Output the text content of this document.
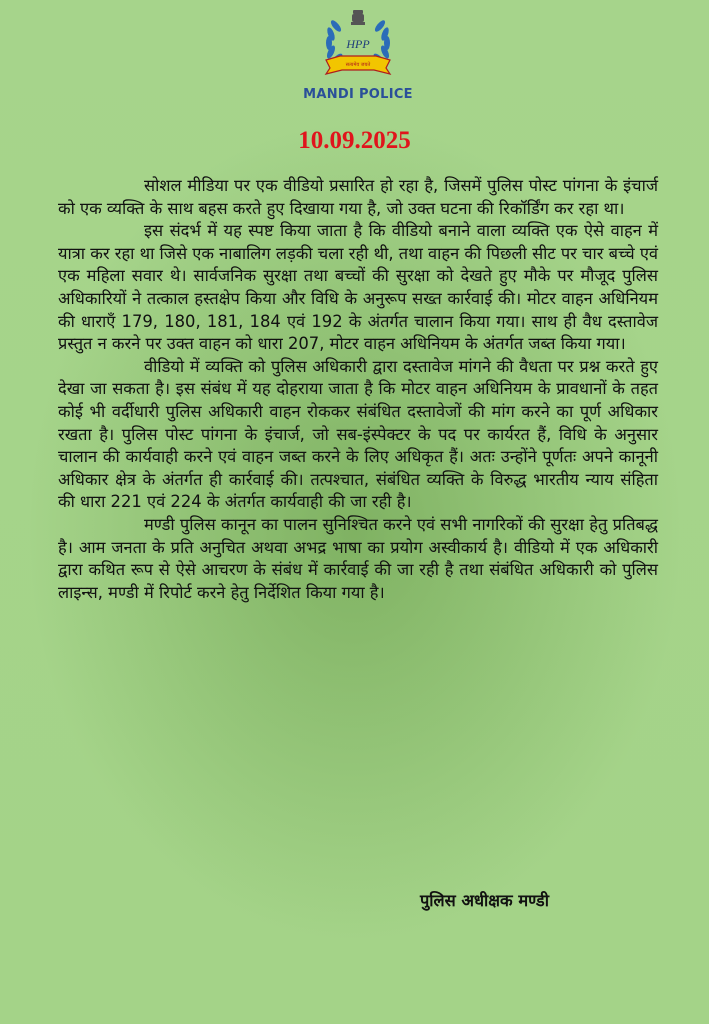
HPP
सत्यमेव जयते
MANDI POLICE
10.09.2025

सोशल मीडिया पर एक वीडियो प्रसारित हो रहा है, जिसमें पुलिस पोस्ट पांगना के इंचार्ज को एक व्यक्ति के साथ बहस करते हुए दिखाया गया है, जो उक्त घटना की रिकॉर्डिंग कर रहा था।

इस संदर्भ में यह स्पष्ट किया जाता है कि वीडियो बनाने वाला व्यक्ति एक ऐसे वाहन में यात्रा कर रहा था जिसे एक नाबालिग लड़की चला रही थी, तथा वाहन की पिछली सीट पर चार बच्चे एवं एक महिला सवार थे। सार्वजनिक सुरक्षा तथा बच्चों की सुरक्षा को देखते हुए मौके पर मौजूद पुलिस अधिकारियों ने तत्काल हस्तक्षेप किया और विधि के अनुरूप सख्त कार्रवाई की। मोटर वाहन अधिनियम की धाराएँ 179, 180, 181, 184 एवं 192 के अंतर्गत चालान किया गया। साथ ही वैध दस्तावेज प्रस्तुत न करने पर उक्त वाहन को धारा 207, मोटर वाहन अधिनियम के अंतर्गत जब्त किया गया।

वीडियो में व्यक्ति को पुलिस अधिकारी द्वारा दस्तावेज मांगने की वैधता पर प्रश्न करते हुए देखा जा सकता है। इस संबंध में यह दोहराया जाता है कि मोटर वाहन अधिनियम के प्रावधानों के तहत कोई भी वर्दीधारी पुलिस अधिकारी वाहन रोककर संबंधित दस्तावेजों की मांग करने का पूर्ण अधिकार रखता है। पुलिस पोस्ट पांगना के इंचार्ज, जो सब-इंस्पेक्टर के पद पर कार्यरत हैं, विधि के अनुसार चालान की कार्यवाही करने एवं वाहन जब्त करने के लिए अधिकृत हैं। अतः उन्होंने पूर्णतः अपने कानूनी अधिकार क्षेत्र के अंतर्गत ही कार्रवाई की। तत्पश्चात, संबंधित व्यक्ति के विरुद्ध भारतीय न्याय संहिता की धारा 221 एवं 224 के अंतर्गत कार्यवाही की जा रही है।

मण्डी पुलिस कानून का पालन सुनिश्चित करने एवं सभी नागरिकों की सुरक्षा हेतु प्रतिबद्ध है। आम जनता के प्रति अनुचित अथवा अभद्र भाषा का प्रयोग अस्वीकार्य है। वीडियो में एक अधिकारी द्वारा कथित रूप से ऐसे आचरण के संबंध में कार्रवाई की जा रही है तथा संबंधित अधिकारी को पुलिस लाइन्स, मण्डी में रिपोर्ट करने हेतु निर्देशित किया गया है।

पुलिस अधीक्षक मण्डी
